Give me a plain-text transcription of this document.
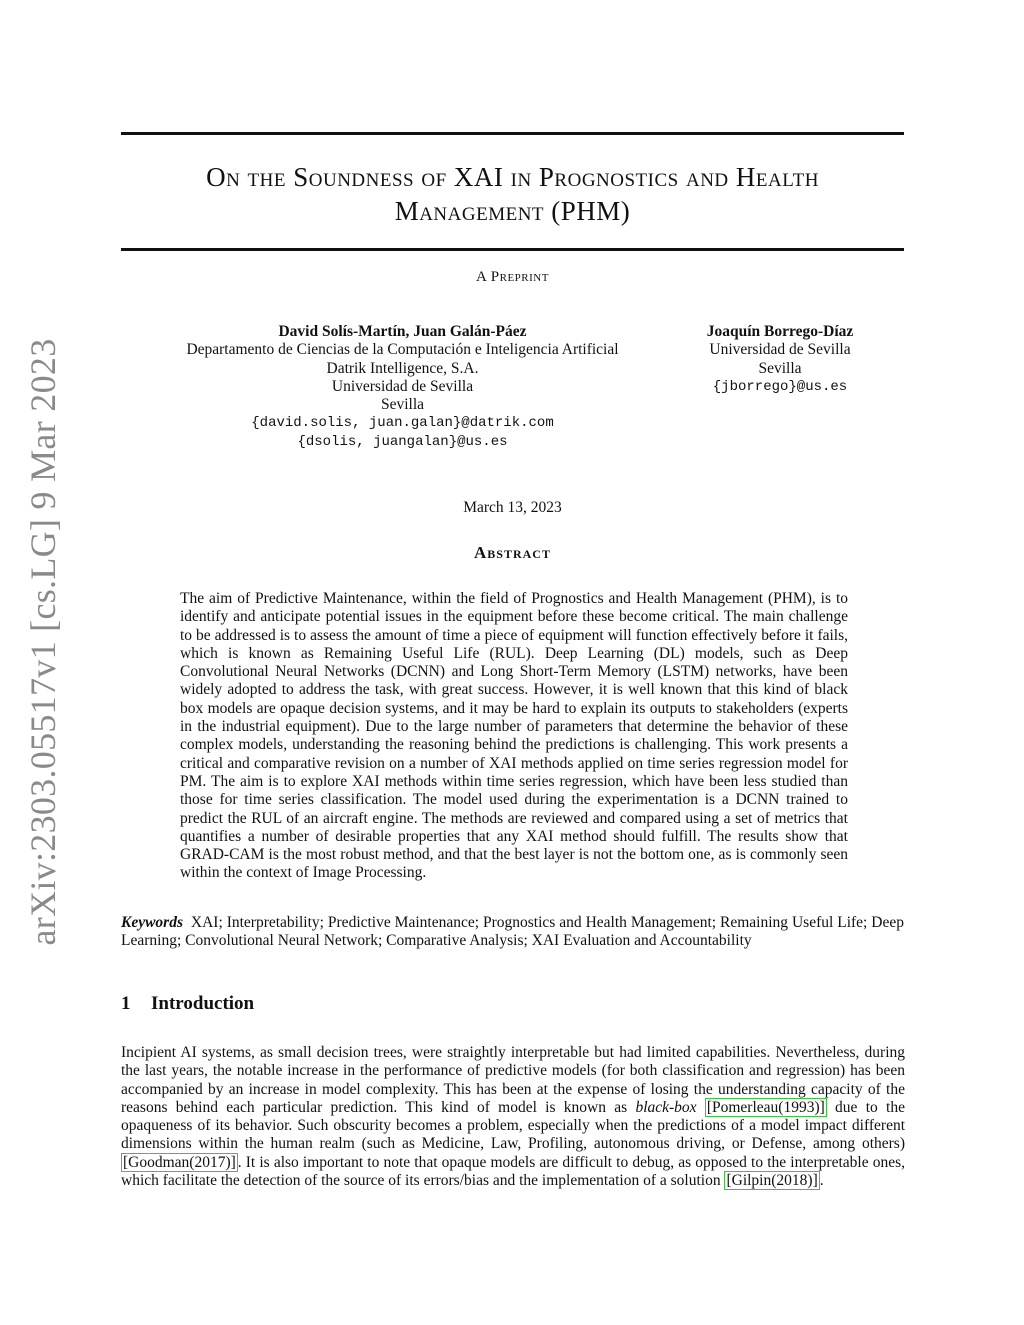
arXiv:2303.05517v1 [cs.LG] 9 Mar 2023
On the Soundness of XAI in Prognostics and Health
Management (PHM)
A Preprint
David Solís-Martín, Juan Galán-Páez
Departamento de Ciencias de la Computación e Inteligencia Artificial
Datrik Intelligence, S.A.
Universidad de Sevilla
Sevilla
{david.solis, juan.galan}@datrik.com
{dsolis, juangalan}@us.es
Joaquín Borrego-Díaz
Universidad de Sevilla
Sevilla
{jborrego}@us.es
March 13, 2023
Abstract
The aim of Predictive Maintenance, within the field of Prognostics and Health Management (PHM), is to identify and anticipate potential issues in the equipment before these become critical. The main challenge to be addressed is to assess the amount of time a piece of equipment will function effectively before it fails, which is known as Remaining Useful Life (RUL). Deep Learning (DL) models, such as Deep Convolutional Neural Networks (DCNN) and Long Short-Term Memory (LSTM) networks, have been widely adopted to address the task, with great success. However, it is well known that this kind of black box models are opaque decision systems, and it may be hard to explain its outputs to stakeholders (experts in the industrial equipment). Due to the large number of parameters that determine the behavior of these complex models, understanding the reasoning behind the predictions is challenging. This work presents a critical and comparative revision on a number of XAI methods applied on time series regression model for PM. The aim is to explore XAI methods within time series regression, which have been less studied than those for time series classification. The model used during the experimentation is a DCNN trained to predict the RUL of an aircraft engine. The methods are reviewed and compared using a set of metrics that quantifies a number of desirable properties that any XAI method should fulfill. The results show that GRAD-CAM is the most robust method, and that the best layer is not the bottom one, as is commonly seen within the context of Image Processing.
Keywords XAI; Interpretability; Predictive Maintenance; Prognostics and Health Management; Remaining Useful Life; Deep Learning; Convolutional Neural Network; Comparative Analysis; XAI Evaluation and Accountability
1 Introduction
Incipient AI systems, as small decision trees, were straightly interpretable but had limited capabilities. Nevertheless, during the last years, the notable increase in the performance of predictive models (for both classification and regression) has been accompanied by an increase in model complexity. This has been at the expense of losing the understanding capacity of the reasons behind each particular prediction. This kind of model is known as black-box [Pomerleau(1993)] due to the opaqueness of its behavior. Such obscurity becomes a problem, especially when the predictions of a model impact different dimensions within the human realm (such as Medicine, Law, Profiling, autonomous driving, or Defense, among others) [Goodman(2017)] . It is also important to note that opaque models are difficult to debug, as opposed to the interpretable ones, which facilitate the detection of the source of its errors/bias and the implementation of a solution [Gilpin(2018)] .
